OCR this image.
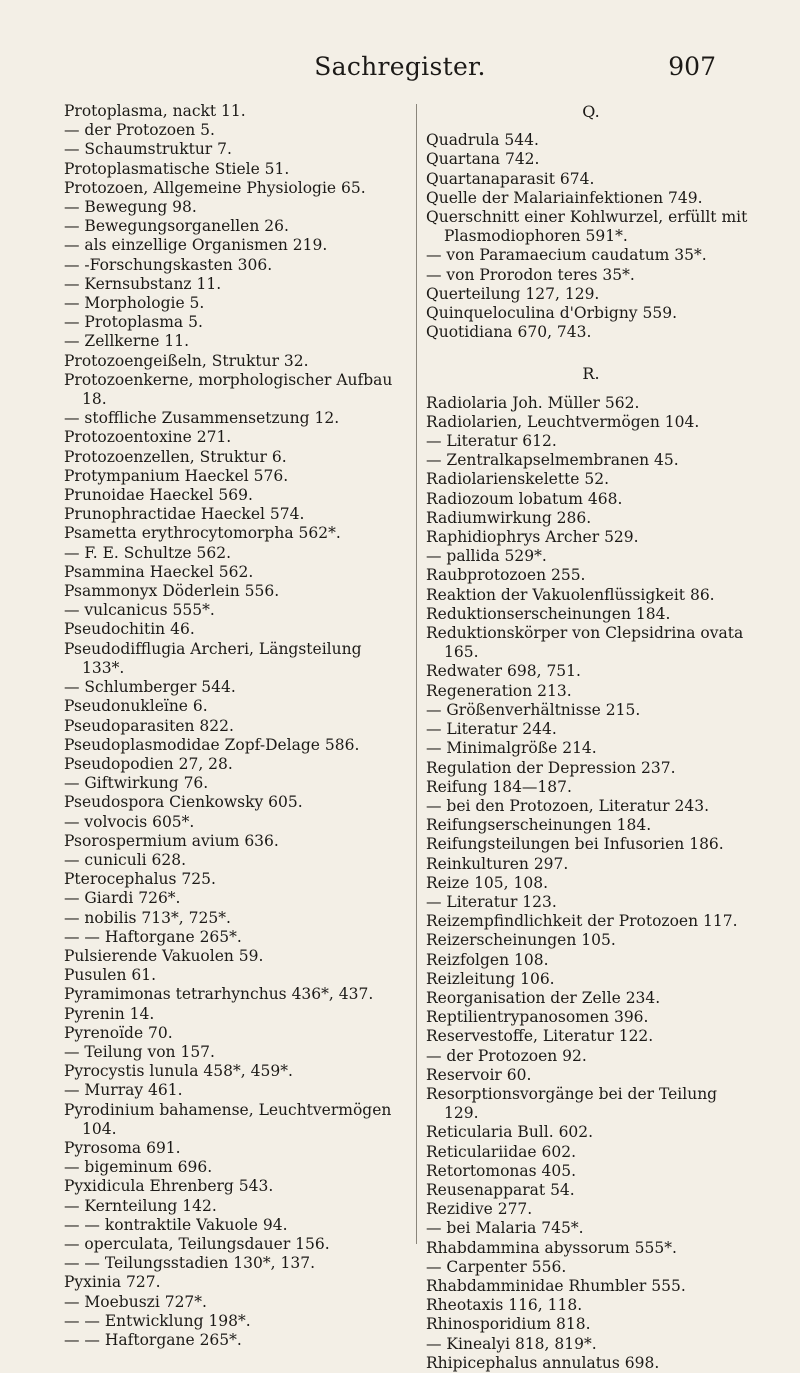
Sachregister.	907

Protoplasma, nackt 11.

— der Protozoen 5.

— Schaumstruktur 7.

Protoplasmatische Stiele 51.

Protozoen, Allgemeine Physiologie 65.

— Bewegung 98.

— Bewegungsorganellen 26.

— als einzellige Organismen 219.

— -Forschungskasten 306.

— Kernsubstanz 11.

— Morphologie 5.

— Protoplasma 5.

— Zellkerne 11.

Protozoengeißeln, Struktur 32.

Protozoenkerne, morphologischer Aufbau 18.

— stoffliche Zusammensetzung 12.

Protozoentoxine 271.

Protozoenzellen, Struktur 6.

Protympanium Haeckel 576.

Prunoidae Haeckel 569.

Prunophractidae Haeckel 574.

Psametta erythrocytomorpha 562*.

— F. E. Schultze 562.

Psammina Haeckel 562.

Psammonyx Döderlein 556.

— vulcanicus 555*.

Pseudochitin 46.

Pseudodifflugia Archeri, Längsteilung 133*.

— Schlumberger 544.

Pseudonukleïne 6.

Pseudoparasiten 822.

Pseudoplasmodidae Zopf-Delage 586.

Pseudopodien 27, 28.

— Giftwirkung 76.

Pseudospora Cienkowsky 605.

— volvocis 605*.

Psorospermium avium 636.

— cuniculi 628.

Pterocephalus 725.

— Giardi 726*.

— nobilis 713*, 725*.

— — Haftorgane 265*.

Pulsierende Vakuolen 59.

Pusulen 61.

Pyramimonas tetrarhynchus 436*, 437.

Pyrenin 14.

Pyrenoïde 70.

— Teilung von 157.

Pyrocystis lunula 458*, 459*.

— Murray 461.

Pyrodinium bahamense, Leuchtvermögen 104.

Pyrosoma 691.

— bigeminum 696.

Pyxidicula Ehrenberg 543.

— Kernteilung 142.

— — kontraktile Vakuole 94.

— operculata, Teilungsdauer 156.

— — Teilungsstadien 130*, 137.

Pyxinia 727.

— Moebuszi 727*.

— — Entwicklung 198*.

— — Haftorgane 265*.

Q.

Quadrula 544.

Quartana 742.

Quartanaparasit 674.

Quelle der Malariainfektionen 749.

Querschnitt einer Kohlwurzel, erfüllt mit Plasmodiophoren 591*.

— von Paramaecium caudatum 35*.

— von Prorodon teres 35*.

Querteilung 127, 129.

Quinqueloculina d'Orbigny 559.

Quotidiana 670, 743.

R.

Radiolaria Joh. Müller 562.

Radiolarien, Leuchtvermögen 104.

— Literatur 612.

— Zentralkapselmembranen 45.

Radiolarienskelette 52.

Radiozoum lobatum 468.

Radiumwirkung 286.

Raphidiophrys Archer 529.

— pallida 529*.

Raubprotozoen 255.

Reaktion der Vakuolenflüssigkeit 86.

Reduktionserscheinungen 184.

Reduktionskörper von Clepsidrina ovata 165.

Redwater 698, 751.

Regeneration 213.

— Größenverhältnisse 215.

— Literatur 244.

— Minimalgröße 214.

Regulation der Depression 237.

Reifung 184—187.

— bei den Protozoen, Literatur 243.

Reifungserscheinungen 184.

Reifungsteilungen bei Infusorien 186.

Reinkulturen 297.

Reize 105, 108.

— Literatur 123.

Reizempfindlichkeit der Protozoen 117.

Reizerscheinungen 105.

Reizfolgen 108.

Reizleitung 106.

Reorganisation der Zelle 234.

Reptilientrypanosomen 396.

Reservestoffe, Literatur 122.

— der Protozoen 92.

Reservoir 60.

Resorptionsvorgänge bei der Teilung 129.

Reticularia Bull. 602.

Reticulariidae 602.

Retortomonas 405.

Reusenapparat 54.

Rezidive 277.

— bei Malaria 745*.

Rhabdammina abyssorum 555*.

— Carpenter 556.

Rhabdamminidae Rhumbler 555.

Rheotaxis 116, 118.

Rhinosporidium 818.

— Kinealyi 818, 819*.

Rhipicephalus annulatus 698.
